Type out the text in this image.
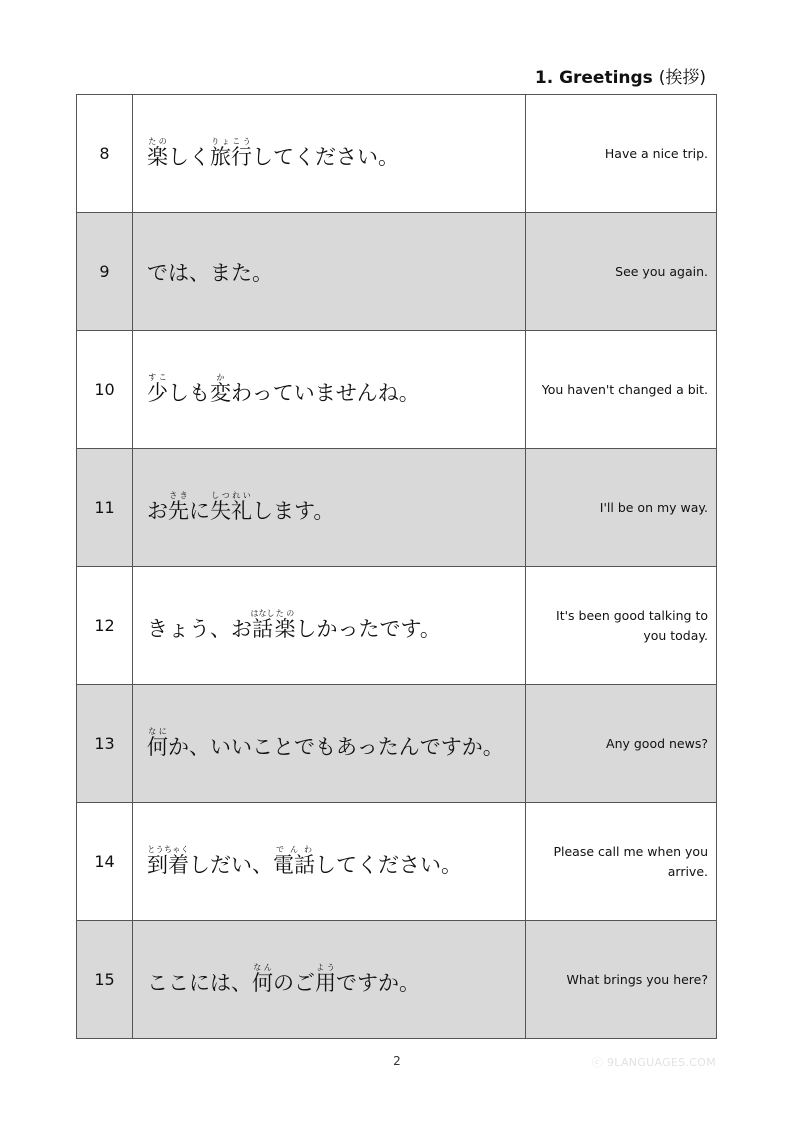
1. Greetings (挨拶)
8	楽たのしく旅行りょこうしてください。	Have a nice trip.
9	では、また。	See you again.
10	少すこしも変かわっていませんね。	You haven't changed a bit.
11	お先さきに失礼しつれいします。	I'll be on my way.
12	きょう、お話はなし楽たのしかったです。	It's been good talking to you today.
13	何なにか、いいことでもあったんですか。	Any good news?
14	到着とうちゃくしだい、電話でんわしてください。	Please call me when you arrive.
15	ここには、何なんのご用ようですか。	What brings you here?
2	ⓒ 9LANGUAGES.COM
